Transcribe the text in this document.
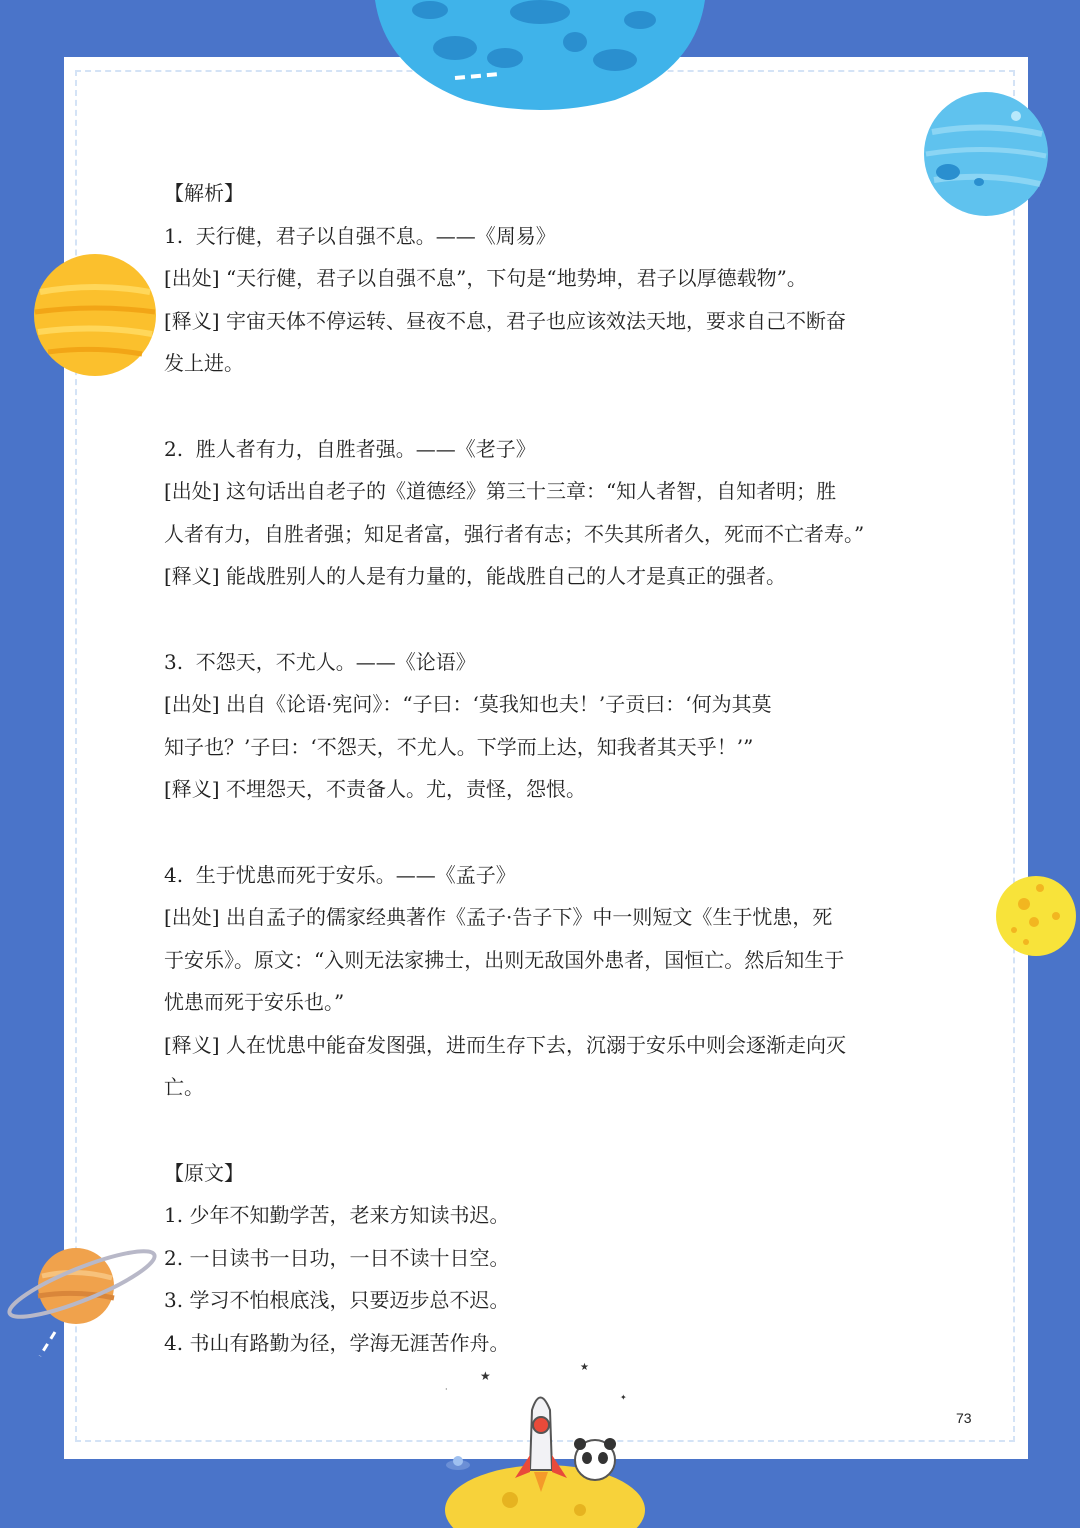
★
★
✦
·

【解析】

1.  天行健，君子以自强不息。——《周易》

[出处] “天行健，君子以自强不息”，下句是“地势坤，君子以厚德载物”。

[释义] 宇宙天体不停运转、昼夜不息，君子也应该效法天地，要求自己不断奋

发上进。

2.  胜人者有力，自胜者强。——《老子》

[出处] 这句话出自老子的《道德经》第三十三章：“知人者智，自知者明；胜

人者有力，自胜者强；知足者富，强行者有志；不失其所者久，死而不亡者寿。”

[释义] 能战胜别人的人是有力量的，能战胜自己的人才是真正的强者。

3.  不怨天，不尤人。——《论语》

[出处] 出自《论语·宪问》：“子曰：‘莫我知也夫！’子贡曰：‘何为其莫

知子也？’子曰：‘不怨天，不尤人。下学而上达，知我者其天乎！’”

[释义] 不埋怨天，不责备人。尤，责怪，怨恨。

4.  生于忧患而死于安乐。——《孟子》

[出处] 出自孟子的儒家经典著作《孟子·告子下》中一则短文《生于忧患，死

于安乐》。原文：“入则无法家拂士，出则无敌国外患者，国恒亡。然后知生于

忧患而死于安乐也。”

[释义] 人在忧患中能奋发图强，进而生存下去，沉溺于安乐中则会逐渐走向灭

亡。

【原文】

1. 少年不知勤学苦，老来方知读书迟。

2. 一日读书一日功，一日不读十日空。

3. 学习不怕根底浅，只要迈步总不迟。

4. 书山有路勤为径，学海无涯苦作舟。

73
